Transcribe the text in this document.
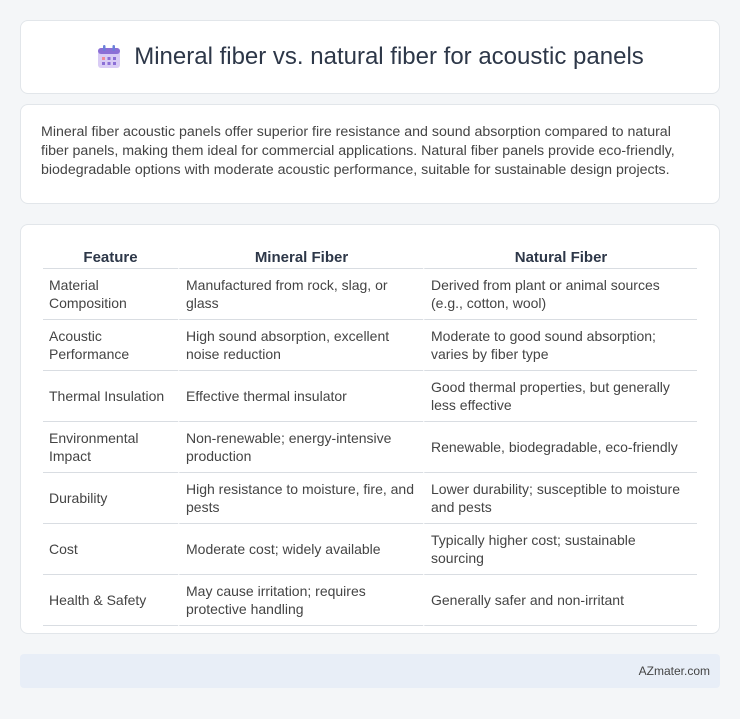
Mineral fiber vs. natural fiber for acoustic panels

Mineral fiber acoustic panels offer superior fire resistance and sound absorption compared to natural fiber panels, making them ideal for commercial applications. Natural fiber panels provide eco-friendly, biodegradable options with moderate acoustic performance, suitable for sustainable design projects.

Feature	Mineral Fiber	Natural Fiber
Material Composition	Manufactured from rock, slag, or glass	Derived from plant or animal sources (e.g., cotton, wool)
Acoustic Performance	High sound absorption, excellent noise reduction	Moderate to good sound absorption; varies by fiber type
Thermal Insulation	Effective thermal insulator	Good thermal properties, but generally less effective
Environmental Impact	Non-renewable; energy-intensive production	Renewable, biodegradable, eco-friendly
Durability	High resistance to moisture, fire, and pests	Lower durability; susceptible to moisture and pests
Cost	Moderate cost; widely available	Typically higher cost; sustainable sourcing
Health & Safety	May cause irritation; requires protective handling	Generally safer and non-irritant
AZmater.com
